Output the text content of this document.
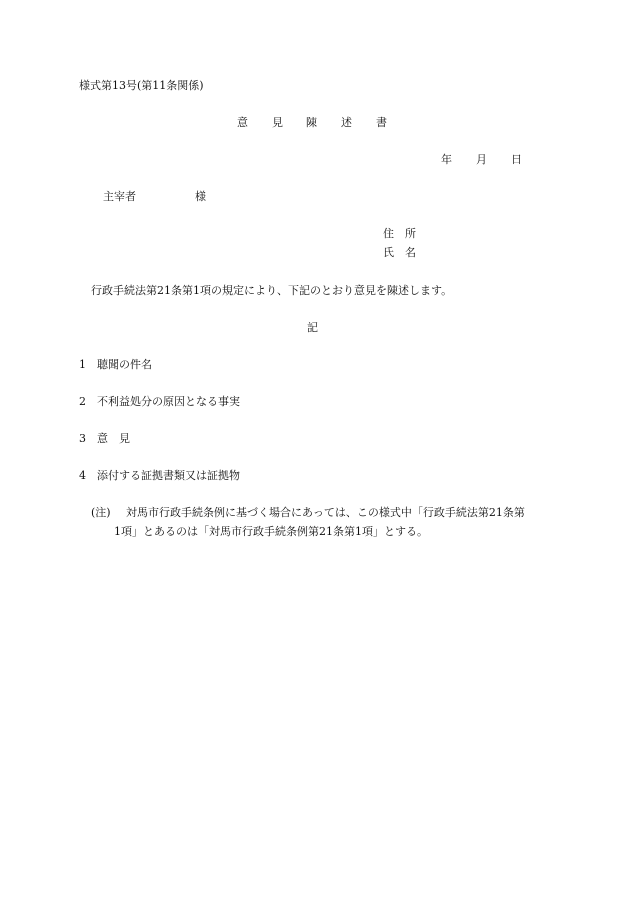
様式第13号(第11条関係)
意 見 陳 述 書
年 月 日
主宰者	様
住　所
氏　名
行政手続法第21条第1項の規定により、下記のとおり意見を陳述します。
記
1 聴聞の件名
2 不利益処分の原因となる事実
3 意　見
4 添付する証拠書類又は証拠物
(注) 対馬市行政手続条例に基づく場合にあっては、この様式中「行政手続法第21条第
1項」とあるのは「対馬市行政手続条例第21条第1項」とする。
